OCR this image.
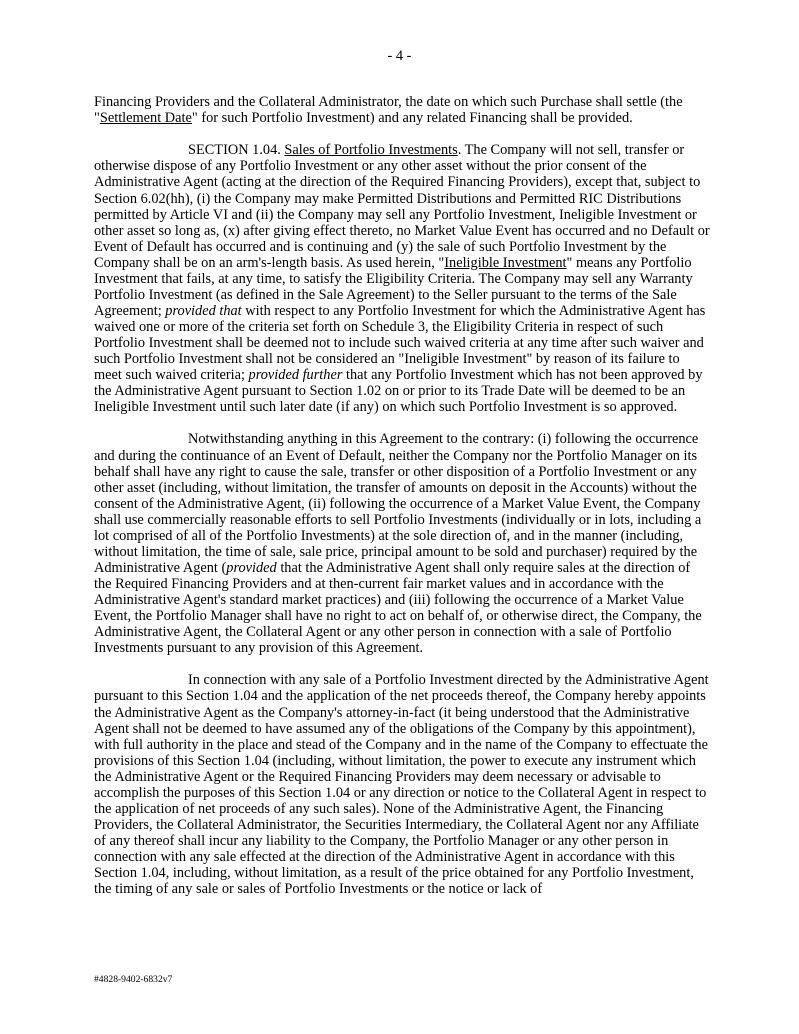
- 4 -

Financing Providers and the Collateral Administrator, the date on which such Purchase shall settle (the "Settlement Date" for such Portfolio Investment) and any related Financing shall be provided.

SECTION 1.04. Sales of Portfolio Investments. The Company will not sell, transfer or otherwise dispose of any Portfolio Investment or any other asset without the prior consent of the Administrative Agent (acting at the direction of the Required Financing Providers), except that, subject to Section 6.02(hh), (i) the Company may make Permitted Distributions and Permitted RIC Distributions permitted by Article VI and (ii) the Company may sell any Portfolio Investment, Ineligible Investment or other asset so long as, (x) after giving effect thereto, no Market Value Event has occurred and no Default or Event of Default has occurred and is continuing and (y) the sale of such Portfolio Investment by the Company shall be on an arm's-length basis. As used herein, "Ineligible Investment" means any Portfolio Investment that fails, at any time, to satisfy the Eligibility Criteria. The Company may sell any Warranty Portfolio Investment (as defined in the Sale Agreement) to the Seller pursuant to the terms of the Sale Agreement; provided that with respect to any Portfolio Investment for which the Administrative Agent has waived one or more of the criteria set forth on Schedule 3, the Eligibility Criteria in respect of such Portfolio Investment shall be deemed not to include such waived criteria at any time after such waiver and such Portfolio Investment shall not be considered an "Ineligible Investment" by reason of its failure to meet such waived criteria; provided further that any Portfolio Investment which has not been approved by the Administrative Agent pursuant to Section 1.02 on or prior to its Trade Date will be deemed to be an Ineligible Investment until such later date (if any) on which such Portfolio Investment is so approved.

Notwithstanding anything in this Agreement to the contrary: (i) following the occurrence and during the continuance of an Event of Default, neither the Company nor the Portfolio Manager on its behalf shall have any right to cause the sale, transfer or other disposition of a Portfolio Investment or any other asset (including, without limitation, the transfer of amounts on deposit in the Accounts) without the consent of the Administrative Agent, (ii) following the occurrence of a Market Value Event, the Company shall use commercially reasonable efforts to sell Portfolio Investments (individually or in lots, including a lot comprised of all of the Portfolio Investments) at the sole direction of, and in the manner (including, without limitation, the time of sale, sale price, principal amount to be sold and purchaser) required by the Administrative Agent (provided that the Administrative Agent shall only require sales at the direction of the Required Financing Providers and at then-current fair market values and in accordance with the Administrative Agent's standard market practices) and (iii) following the occurrence of a Market Value Event, the Portfolio Manager shall have no right to act on behalf of, or otherwise direct, the Company, the Administrative Agent, the Collateral Agent or any other person in connection with a sale of Portfolio Investments pursuant to any provision of this Agreement.

In connection with any sale of a Portfolio Investment directed by the Administrative Agent pursuant to this Section 1.04 and the application of the net proceeds thereof, the Company hereby appoints the Administrative Agent as the Company's attorney-in-fact (it being understood that the Administrative Agent shall not be deemed to have assumed any of the obligations of the Company by this appointment), with full authority in the place and stead of the Company and in the name of the Company to effectuate the provisions of this Section 1.04 (including, without limitation, the power to execute any instrument which the Administrative Agent or the Required Financing Providers may deem necessary or advisable to accomplish the purposes of this Section 1.04 or any direction or notice to the Collateral Agent in respect to the application of net proceeds of any such sales). None of the Administrative Agent, the Financing Providers, the Collateral Administrator, the Securities Intermediary, the Collateral Agent nor any Affiliate of any thereof shall incur any liability to the Company, the Portfolio Manager or any other person in connection with any sale effected at the direction of the Administrative Agent in accordance with this Section 1.04, including, without limitation, as a result of the price obtained for any Portfolio Investment, the timing of any sale or sales of Portfolio Investments or the notice or lack of

#4828-9402-6832v7
